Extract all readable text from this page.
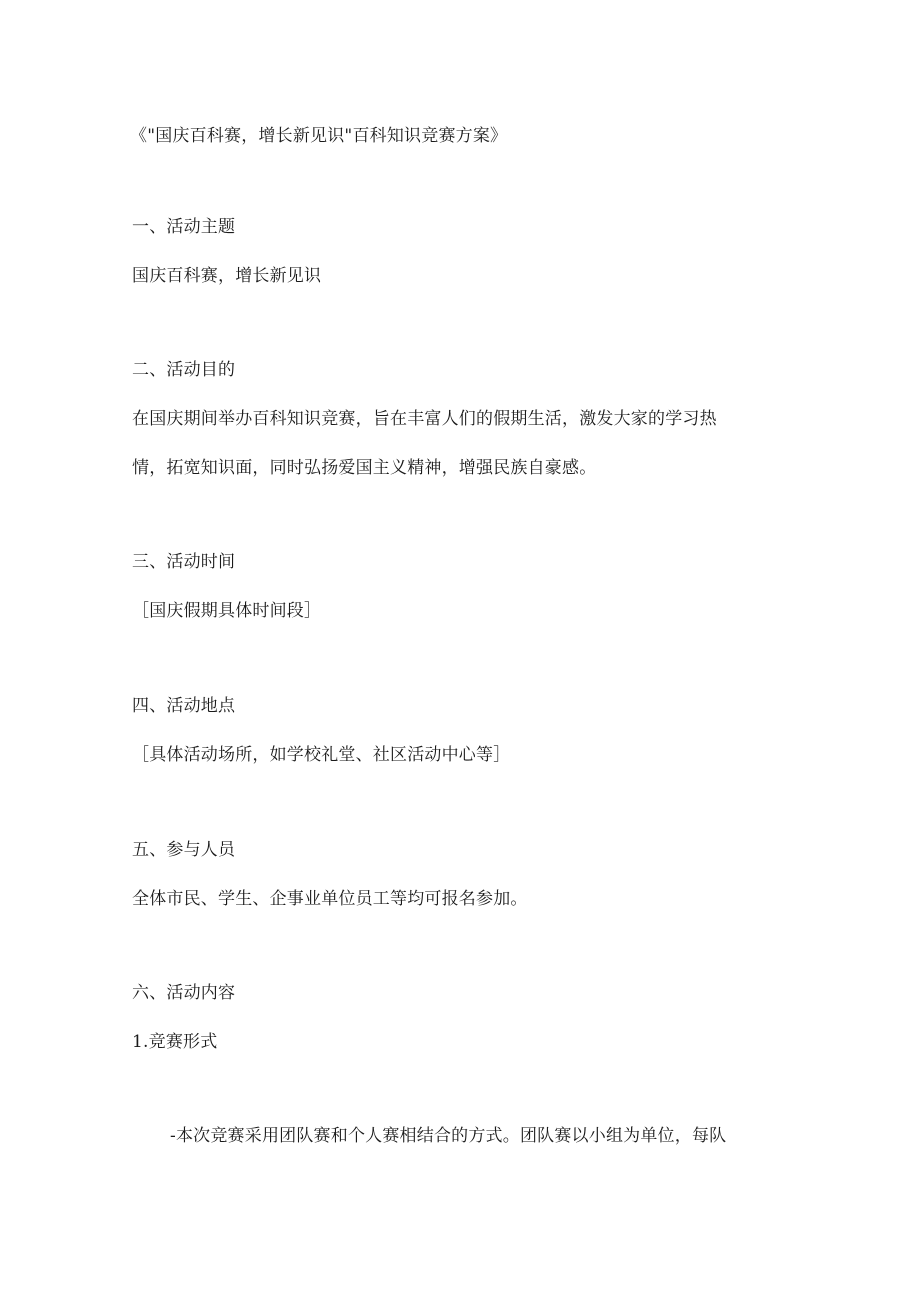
《"国庆百科赛，增长新见识"百科知识竞赛方案》
一、活动主题
国庆百科赛，增长新见识
二、活动目的
在国庆期间举办百科知识竞赛，旨在丰富人们的假期生活，激发大家的学习热
情，拓宽知识面，同时弘扬爱国主义精神，增强民族自豪感。
三、活动时间
［国庆假期具体时间段］
四、活动地点
［具体活动场所，如学校礼堂、社区活动中心等］
五、参与人员
全体市民、学生、企事业单位员工等均可报名参加。
六、活动内容
1.竞赛形式
-本次竞赛采用团队赛和个人赛相结合的方式。团队赛以小组为单位，每队
